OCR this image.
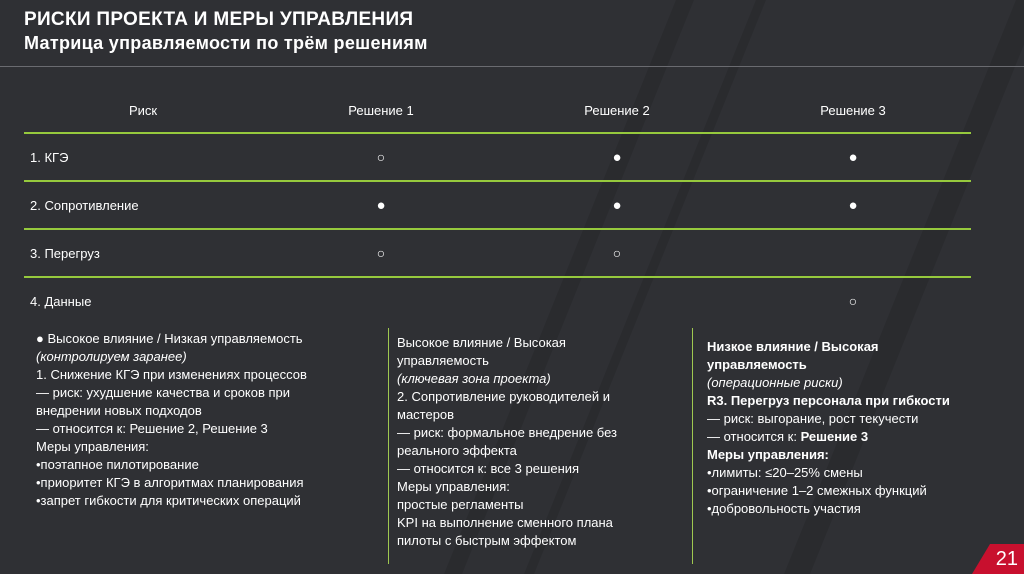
РИСКИ ПРОЕКТА И МЕРЫ УПРАВЛЕНИЯ
Матрица управляемости по трём решениям
Риск	Решение 1	Решение 2	Решение 3
1. КГЭ	○	●	●
2. Сопротивление	●	●	●
3. Перегруз	○	○	
4. Данные			○
● Высокое влияние / Низкая управляемость
(контролируем заранее)
1. Снижение КГЭ при изменениях процессов
— риск: ухудшение качества и сроков при
внедрении новых подходов
— относится к: Решение 2, Решение 3
Меры управления:
•поэтапное пилотирование
•приоритет КГЭ в алгоритмах планирования
•запрет гибкости для критических операций
Высокое влияние / Высокая
управляемость
(ключевая зона проекта)
2. Сопротивление руководителей и
мастеров
— риск: формальное внедрение без
реального эффекта
— относится к: все 3 решения
Меры управления:
простые регламенты
KPI на выполнение сменного плана
пилоты с быстрым эффектом
Низкое влияние / Высокая
управляемость
(операционные риски)
R3. Перегруз персонала при гибкости
— риск: выгорание, рост текучести
— относится к: Решение 3
Меры управления:
•лимиты: ≤20–25% смены
•ограничение 1–2 смежных функций
•добровольность участия
21
